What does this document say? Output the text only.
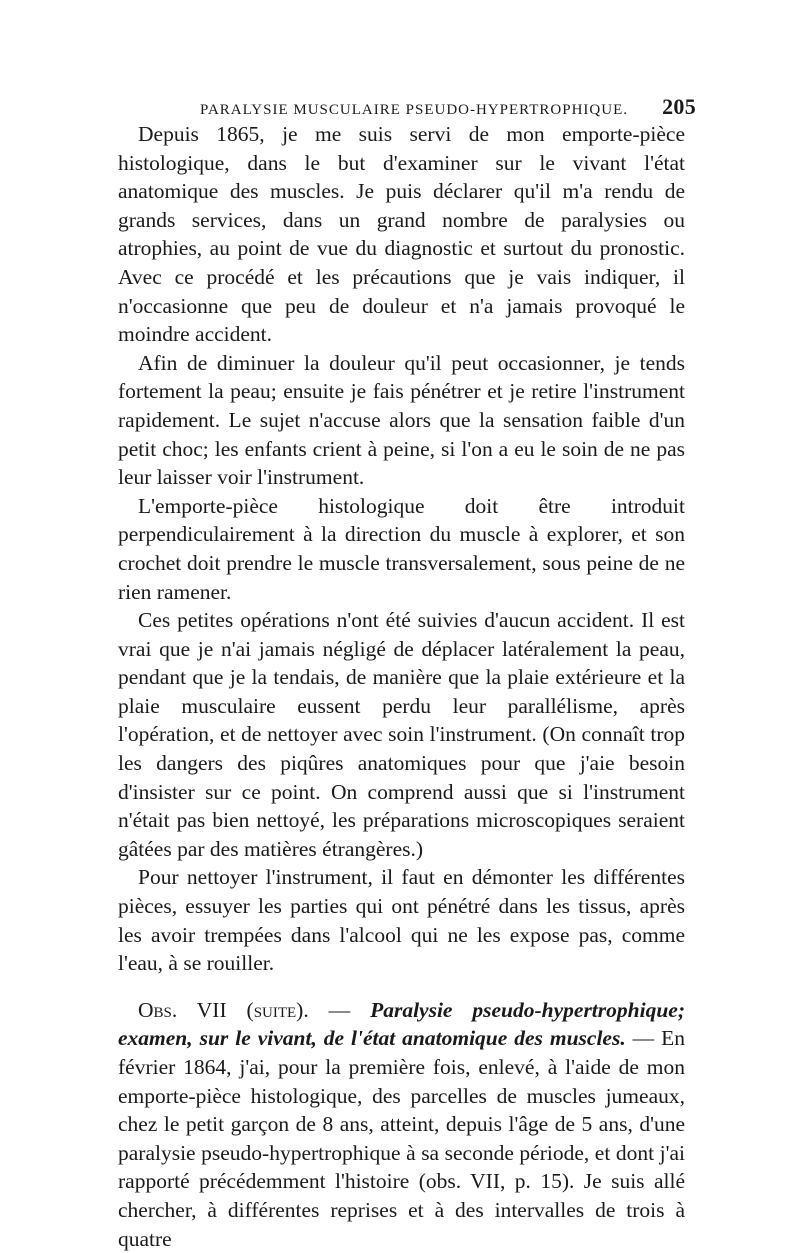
PARALYSIE MUSCULAIRE PSEUDO-HYPERTROPHIQUE. 205

Depuis 1865, je me suis servi de mon emporte-pièce histologique, dans le but d'examiner sur le vivant l'état anatomique des muscles. Je puis déclarer qu'il m'a rendu de grands services, dans un grand nombre de paralysies ou atrophies, au point de vue du diagnostic et surtout du pronostic. Avec ce procédé et les précautions que je vais indiquer, il n'occasionne que peu de douleur et n'a jamais provoqué le moindre accident.

Afin de diminuer la douleur qu'il peut occasionner, je tends fortement la peau; ensuite je fais pénétrer et je retire l'instrument rapidement. Le sujet n'accuse alors que la sensation faible d'un petit choc; les enfants crient à peine, si l'on a eu le soin de ne pas leur laisser voir l'instrument.

L'emporte-pièce histologique doit être introduit perpendiculairement à la direction du muscle à explorer, et son crochet doit prendre le muscle transversalement, sous peine de ne rien ramener.

Ces petites opérations n'ont été suivies d'aucun accident. Il est vrai que je n'ai jamais négligé de déplacer latéralement la peau, pendant que je la tendais, de manière que la plaie extérieure et la plaie musculaire eussent perdu leur parallélisme, après l'opération, et de nettoyer avec soin l'instrument. (On connaît trop les dangers des piqûres anatomiques pour que j'aie besoin d'insister sur ce point. On comprend aussi que si l'instrument n'était pas bien nettoyé, les préparations microscopiques seraient gâtées par des matières étrangères.)

Pour nettoyer l'instrument, il faut en démonter les différentes pièces, essuyer les parties qui ont pénétré dans les tissus, après les avoir trempées dans l'alcool qui ne les expose pas, comme l'eau, à se rouiller.

Obs. VII (suite). — Paralysie pseudo-hypertrophique; examen, sur le vivant, de l'état anatomique des muscles. — En février 1864, j'ai, pour la première fois, enlevé, à l'aide de mon emporte-pièce histologique, des parcelles de muscles jumeaux, chez le petit garçon de 8 ans, atteint, depuis l'âge de 5 ans, d'une paralysie pseudo-hypertrophique à sa seconde période, et dont j'ai rapporté précédemment l'histoire (obs. VII, p. 15). Je suis allé chercher, à différentes reprises et à des intervalles de trois à quatre
